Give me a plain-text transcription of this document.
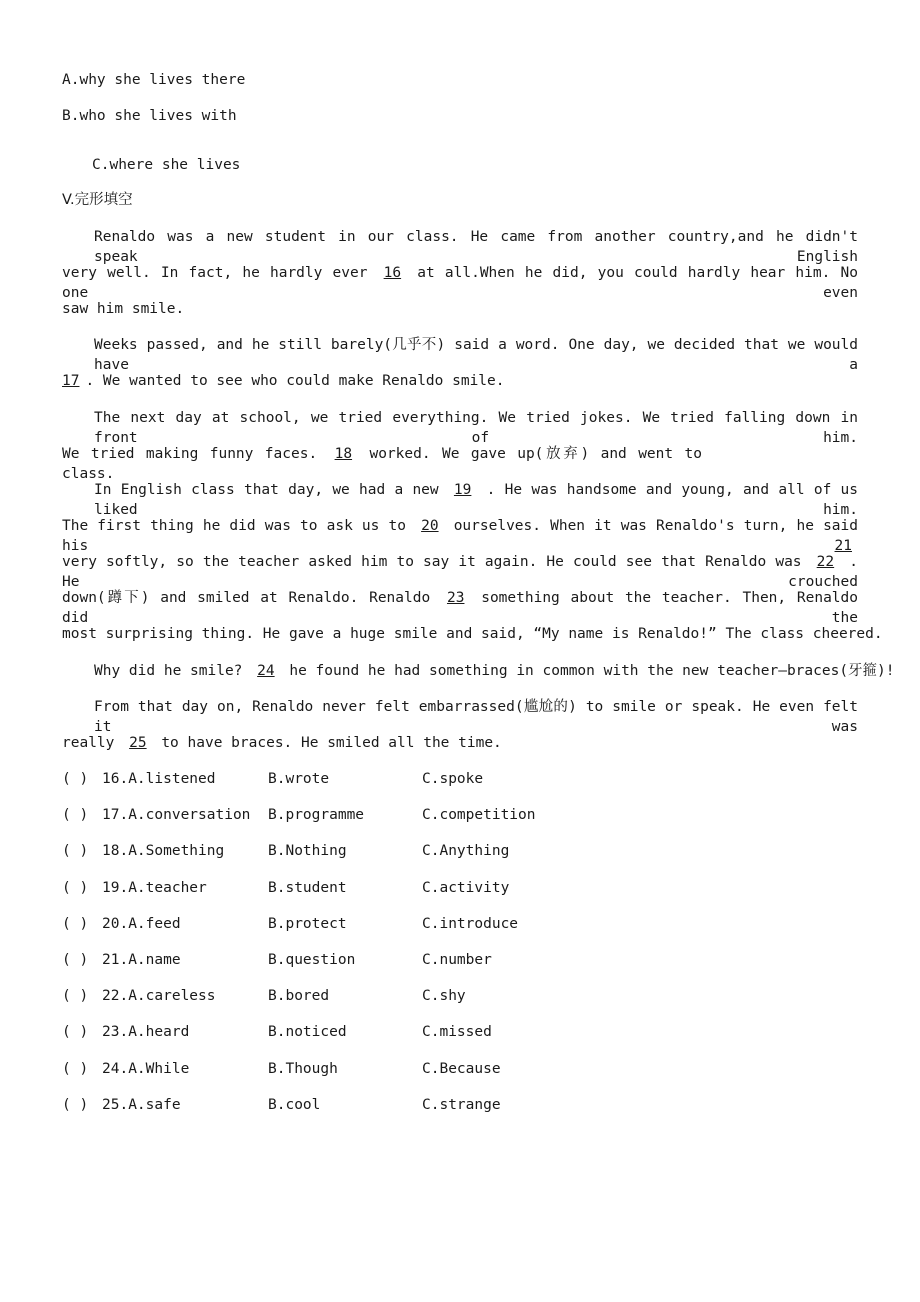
A.why she lives there
B.who she lives with
C.where she lives
V.完形填空
Renaldo was a new student in our class. He came from another country,and he didn't speak English
very well. In fact, he hardly ever 16 at all.When he did, you could hardly hear him. No one even
saw him smile.
Weeks passed, and he still barely(几乎不) said a word. One day, we decided that we would have a
17 . We wanted to see who could make Renaldo smile.
The next day at school, we tried everything. We tried jokes. We tried falling down in front of him.
We tried making funny faces. 18 worked. We gave up(放弃) and went to class.
In English class that day, we had a new 19 . He was handsome and young, and all of us liked him.
The first thing he did was to ask us to 20 ourselves. When it was Renaldo's turn, he said his	21
very softly, so the teacher asked him to say it again. He could see that Renaldo was 22 . He crouched
down(蹲下) and smiled at Renaldo. Renaldo 23 something about the teacher. Then, Renaldo did the
most surprising thing. He gave a huge smile and said, “My name is Renaldo!” The class cheered.
Why did he smile? 24 he found he had something in common with the new teacher—braces(牙箍)!
From that day on, Renaldo never felt embarrassed(尴尬的) to smile or speak. He even felt it was
really 25 to have braces. He smiled all the time.
( ) 16.A.listened	B.wrote	C.spoke
( ) 17.A.conversation B.programme	C.competition
( ) 18.A.Something	B.Nothing	C.Anything
( ) 19.A.teacher	B.student	C.activity
( ) 20.A.feed	B.protect	C.introduce
( ) 21.A.name	B.question	C.number
( ) 22.A.careless	B.bored	C.shy
( ) 23.A.heard	B.noticed	C.missed
( ) 24.A.While	B.Though	C.Because
( ) 25.A.safe	B.cool	C.strange
